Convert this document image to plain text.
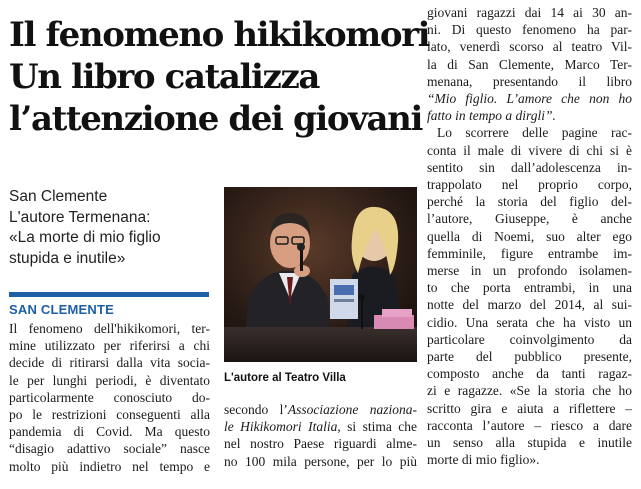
Il fenomeno hikikomori
Un libro catalizza
l’attenzione dei giovani
San Clemente
L'autore Termenana:
«La morte di mio figlio
stupida e inutile»
SAN CLEMENTE
Il fenomeno dell'hikikomori, ter-
mine utilizzato per riferirsi a chi
decide di ritirarsi dalla vita socia-
le per lunghi periodi, è diventato
particolarmente conosciuto do-
po le restrizioni conseguenti alla
pandemia di Covid. Ma questo
“disagio adattivo sociale” nasce
molto più indietro nel tempo e
L'autore al Teatro Villa
secondo l’Associazione naziona-
le Hikikomori Italia, si stima che
nel nostro Paese riguardi alme-
no 100 mila persone, per lo più
giovani ragazzi dai 14 ai 30 an-
ni. Di questo fenomeno ha par-
lato, venerdì scorso al teatro Vil-
la di San Clemente, Marco Ter-
menana, presentando il libro
“Mio figlio. L’amore che non ho
fatto in tempo a dirgli”.
Lo scorrere delle pagine rac-
conta il male di vivere di chi si è
sentito sin dall’adolescenza in-
trappolato nel proprio corpo,
perché la storia del figlio del-
l’autore, Giuseppe, è anche
quella di Noemi, suo alter ego
femminile, figure entrambe im-
merse in un profondo isolamen-
to che porta entrambi, in una
notte del marzo del 2014, al sui-
cidio. Una serata che ha visto un
particolare coinvolgimento da
parte del pubblico presente,
composto anche da tanti ragaz-
zi e ragazze. «Se la storia che ho
scritto gira e aiuta a riflettere –
racconta l’autore – riesco a dare
un senso alla stupida e inutile
morte di mio figlio».
